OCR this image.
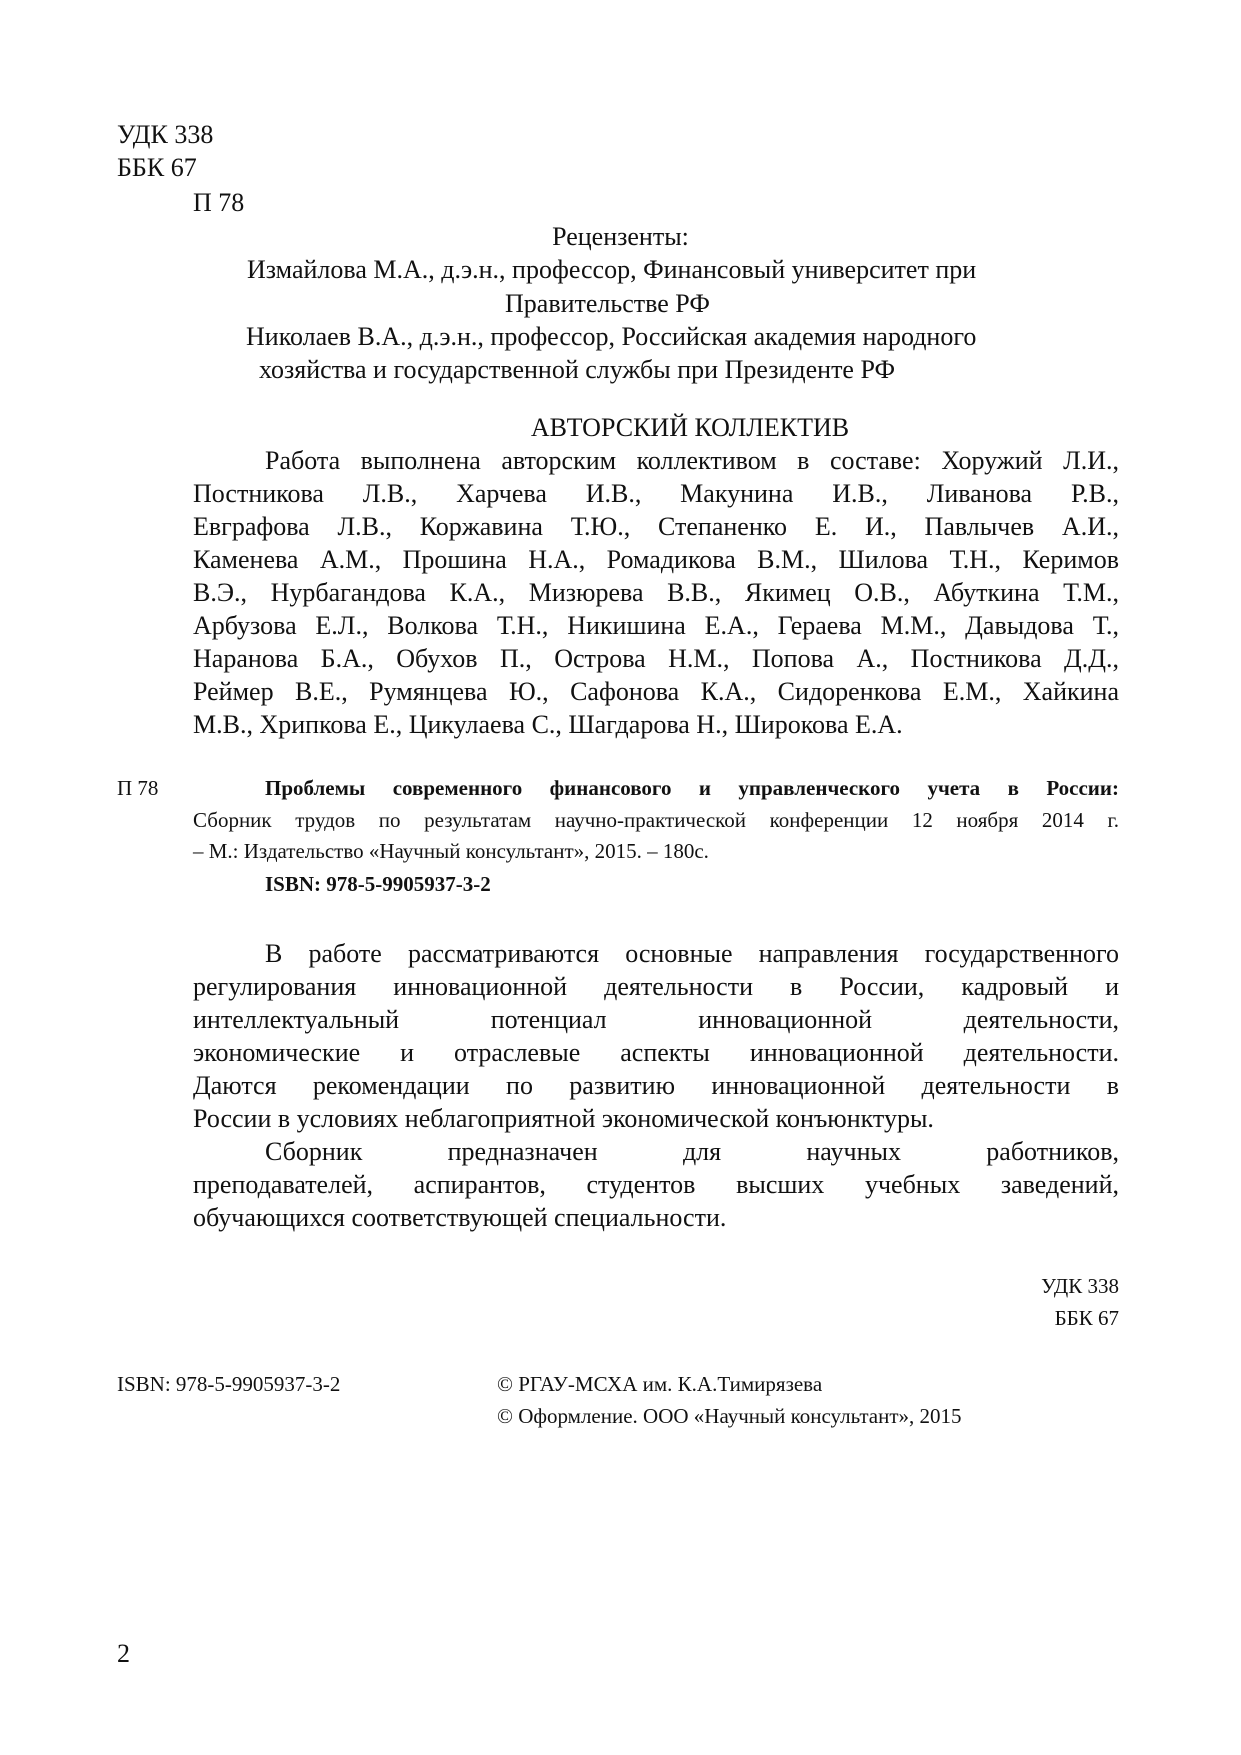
УДК 338
ББК 67
П 78
Рецензенты:
Измайлова М.А., д.э.н., профессор, Финансовый университет при
Правительстве РФ
Николаев В.А., д.э.н., профессор, Российская академия народного
хозяйства и государственной службы при Президенте РФ
АВТОРСКИЙ КОЛЛЕКТИВ
Работа выполнена авторским коллективом в составе: Хоружий Л.И.,
Постникова Л.В., Харчева И.В., Макунина И.В., Ливанова Р.В.,
Евграфова Л.В., Коржавина Т.Ю., Степаненко Е. И., Павлычев А.И.,
Каменева А.М., Прошина Н.А., Ромадикова В.М., Шилова Т.Н., Керимов
В.Э., Нурбагандова К.А., Мизюрева В.В., Якимец О.В., Абуткина Т.М.,
Арбузова Е.Л., Волкова Т.Н., Никишина Е.А., Гераева М.М., Давыдова Т.,
Наранова Б.А., Обухов П., Острова Н.М., Попова А., Постникова Д.Д.,
Реймер В.Е., Румянцева Ю., Сафонова К.А., Сидоренкова Е.М., Хайкина
М.В., Хрипкова Е., Цикулаева С., Шагдарова Н., Широкова Е.А.
П 78	Проблемы современного финансового и управленческого учета в России:
Сборник трудов по результатам научно-практической конференции 12 ноября 2014 г.
– М.: Издательство «Научный консультант», 2015. – 180с.
ISBN: 978-5-9905937-3-2
В работе рассматриваются основные направления государственного
регулирования инновационной деятельности в России, кадровый и
интеллектуальный потенциал инновационной деятельности,
экономические и отраслевые аспекты инновационной деятельности.
Даются рекомендации по развитию инновационной деятельности в
России в условиях неблагоприятной экономической конъюнктуры.
Сборник предназначен для научных работников,
преподавателей, аспирантов, студентов высших учебных заведений,
обучающихся соответствующей специальности.
УДК 338
ББК 67
ISBN: 978-5-9905937-3-2	© РГАУ-МСХА им. К.А.Тимирязева
© Оформление. ООО «Научный консультант», 2015
2
